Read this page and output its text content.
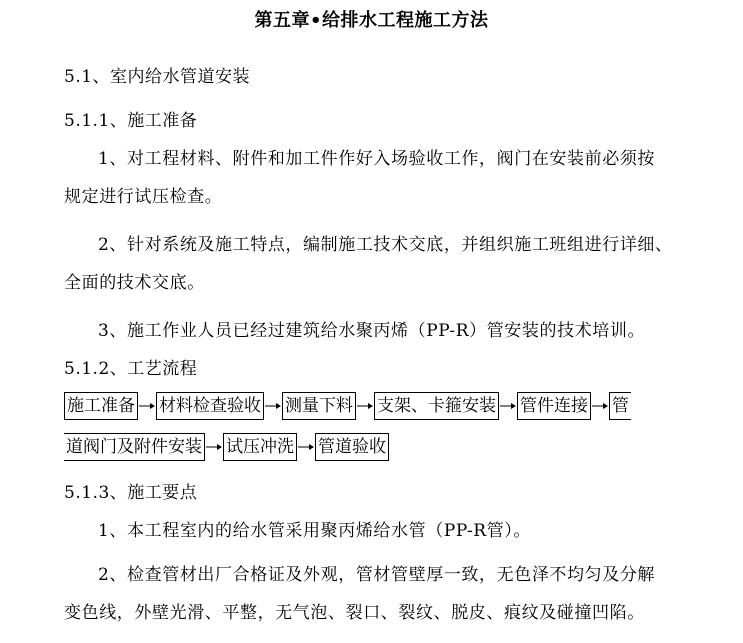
第五章•给排水工程施工方法
5.1、室内给水管道安装
5.1.1、施工准备
1、对工程材料、附件和加工件作好入场验收工作，阀门在安装前必须按
规定进行试压检查。
2、针对系统及施工特点，编制施工技术交底，并组织施工班组进行详细、
全面的技术交底。
3、施工作业人员已经过建筑给水聚丙烯（PP-R）管安装的技术培训。
5.1.2、工艺流程
施工准备 材料检查验收 测量下料 支架、卡箍安装 管件连接 管
道阀门及附件安装 试压冲洗 管道验收
5.1.3、施工要点
1、本工程室内的给水管采用聚丙烯给水管（PP-R管）。
2、检查管材出厂合格证及外观，管材管壁厚一致，无色泽不均匀及分解
变色线，外壁光滑、平整，无气泡、裂口、裂纹、脱皮、痕纹及碰撞凹陷。
